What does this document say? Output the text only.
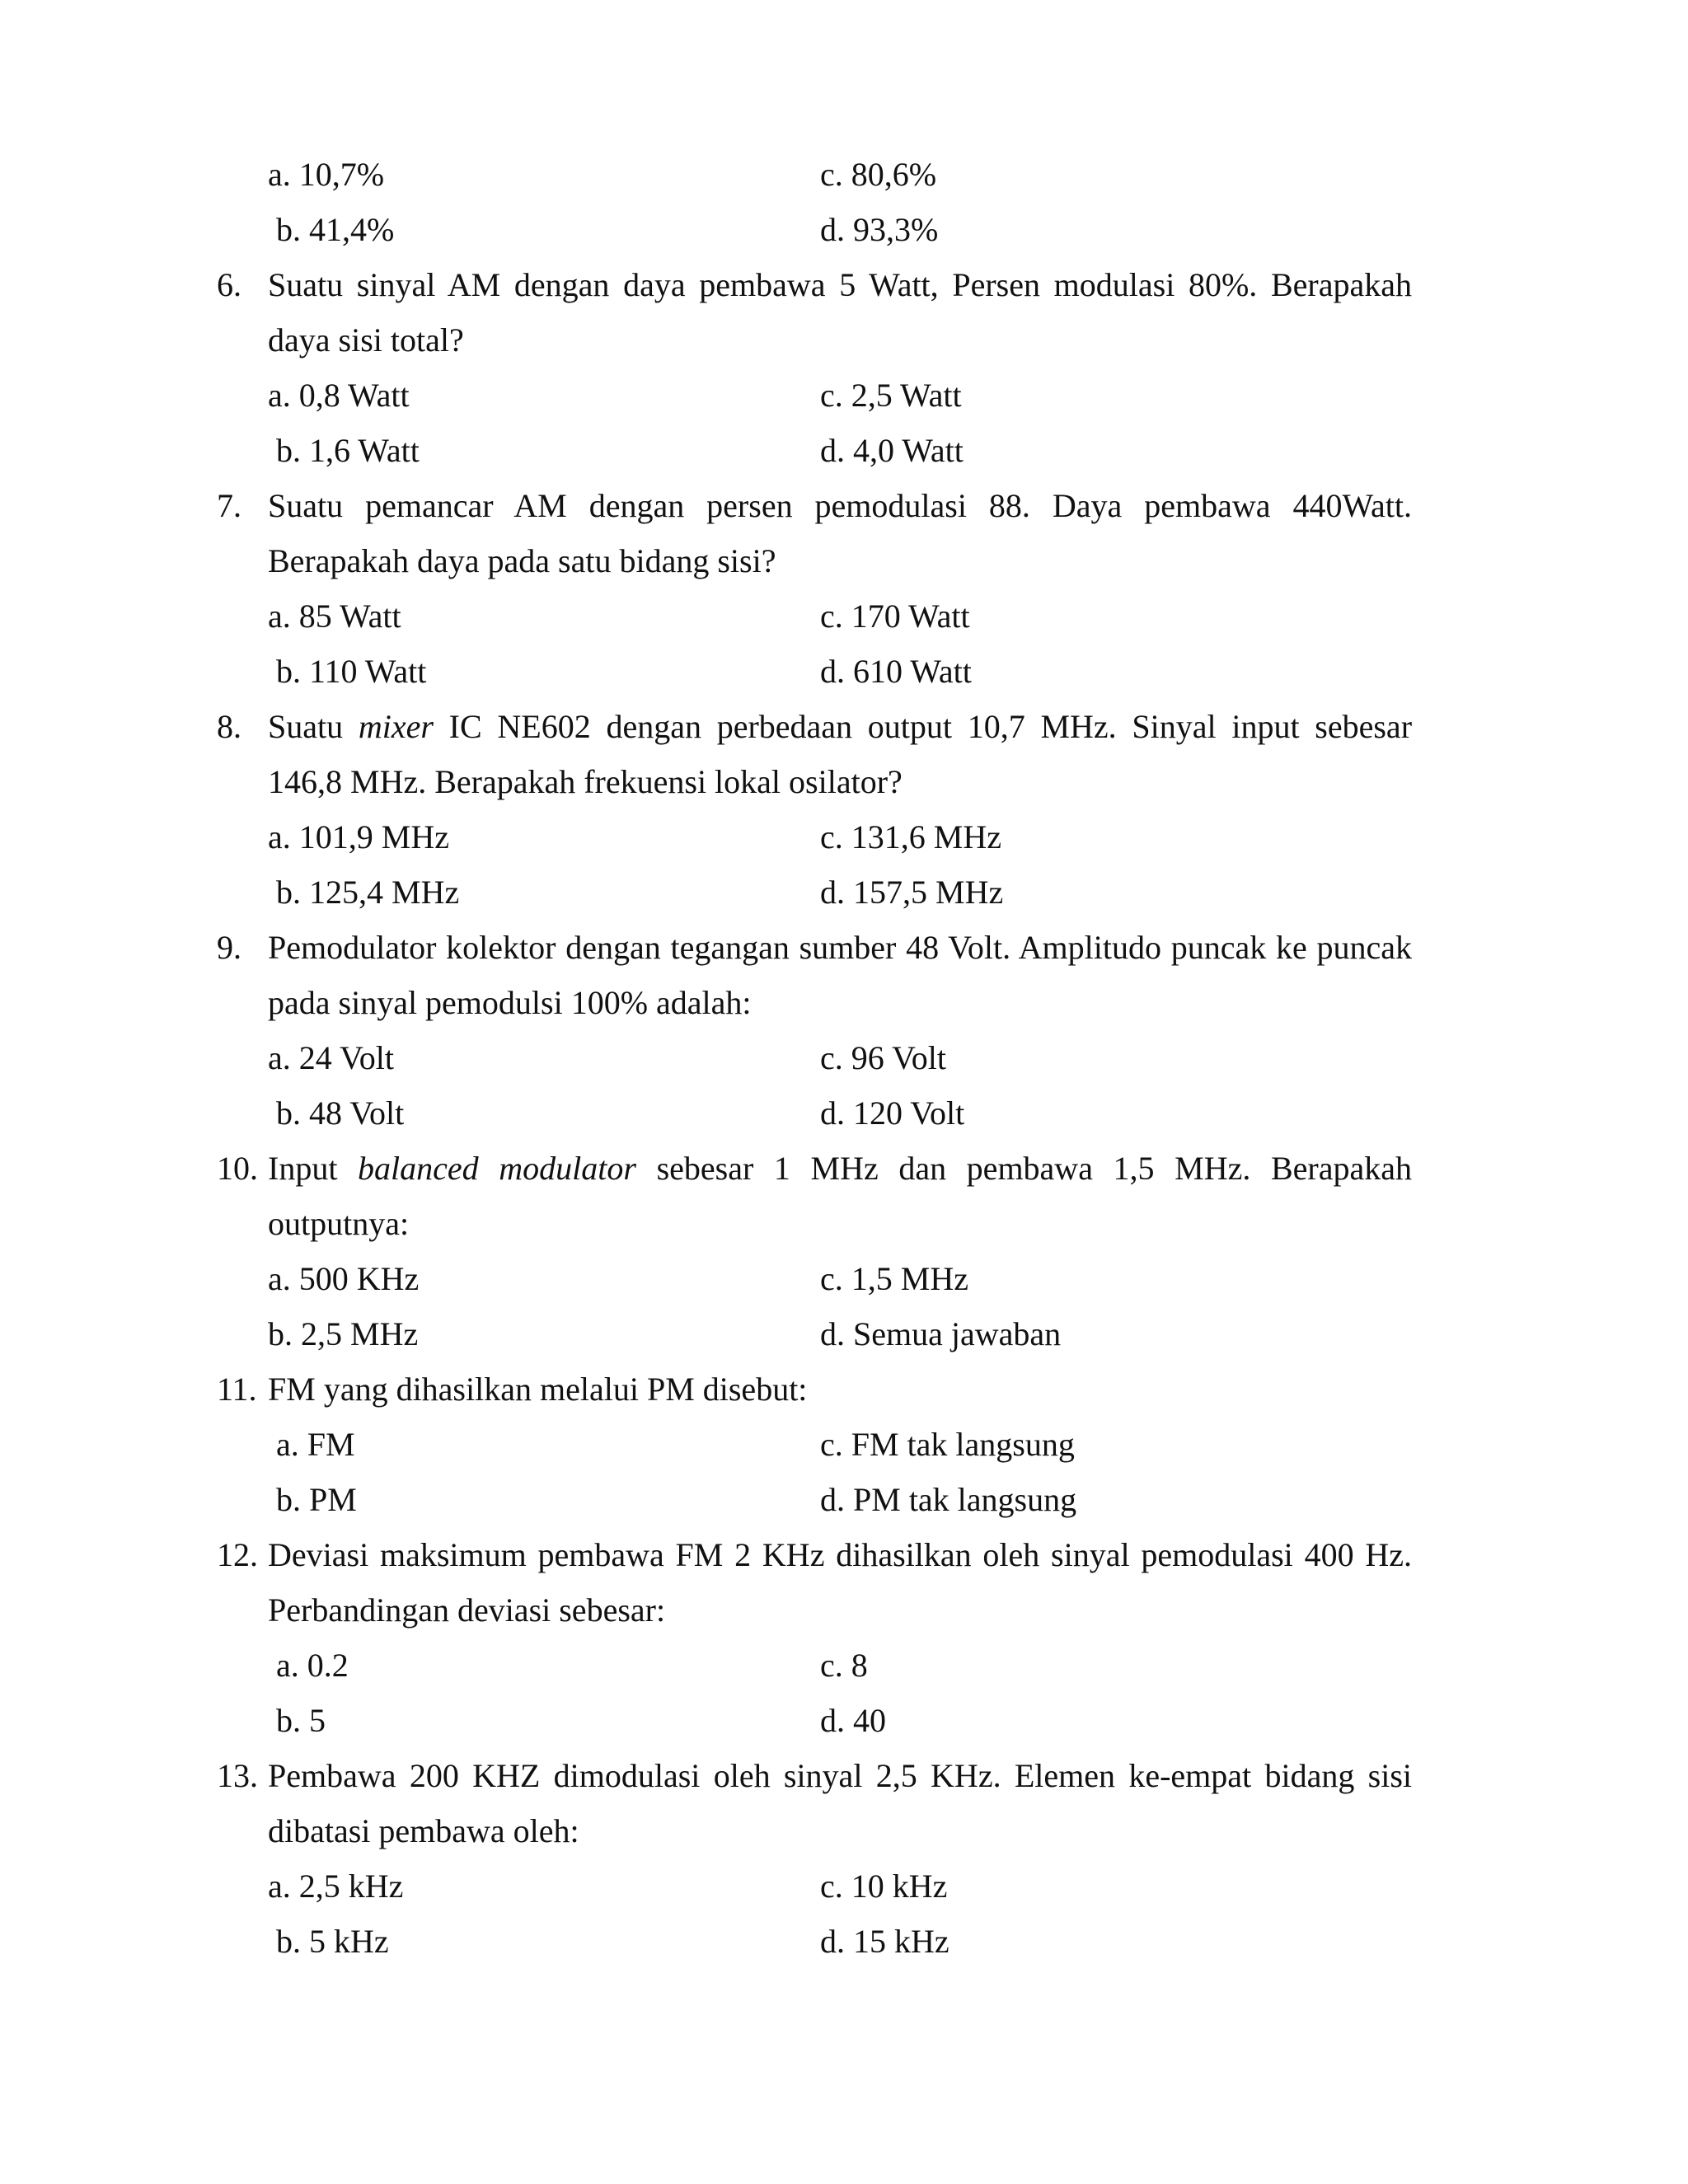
a. 10,7%	c. 80,6%
b. 41,4%	d. 93,3%
6. Suatu sinyal AM dengan daya pembawa 5 Watt, Persen modulasi 80%. Berapakah
daya sisi total?
a. 0,8 Watt	c. 2,5 Watt
b. 1,6 Watt	d. 4,0 Watt
7. Suatu pemancar AM dengan persen pemodulasi 88. Daya pembawa 440Watt.
Berapakah daya pada satu bidang sisi?
a. 85 Watt	c. 170 Watt
b. 110 Watt	d. 610 Watt
8. Suatu mixer IC NE602 dengan perbedaan output 10,7 MHz. Sinyal input sebesar
146,8 MHz. Berapakah frekuensi lokal osilator?
a. 101,9 MHz	c. 131,6 MHz
b. 125,4 MHz	d. 157,5 MHz
9. Pemodulator kolektor dengan tegangan sumber 48 Volt. Amplitudo puncak ke puncak
pada sinyal pemodulsi 100% adalah:
a. 24 Volt	c. 96 Volt
b. 48 Volt	d. 120 Volt
10. Input balanced modulator sebesar 1 MHz dan pembawa 1,5 MHz. Berapakah
outputnya:
a. 500 KHz	c. 1,5 MHz
b. 2,5 MHz	d. Semua jawaban
11. FM yang dihasilkan melalui PM disebut:
a. FM	c. FM tak langsung
b. PM	d. PM tak langsung
12. Deviasi maksimum pembawa FM 2 KHz dihasilkan oleh sinyal pemodulasi 400 Hz.
Perbandingan deviasi sebesar:
a. 0.2	c. 8
b. 5	d. 40
13. Pembawa 200 KHZ dimodulasi oleh sinyal 2,5 KHz. Elemen ke-empat bidang sisi
dibatasi pembawa oleh:
a. 2,5 kHz	c. 10 kHz
b. 5 kHz	d. 15 kHz
